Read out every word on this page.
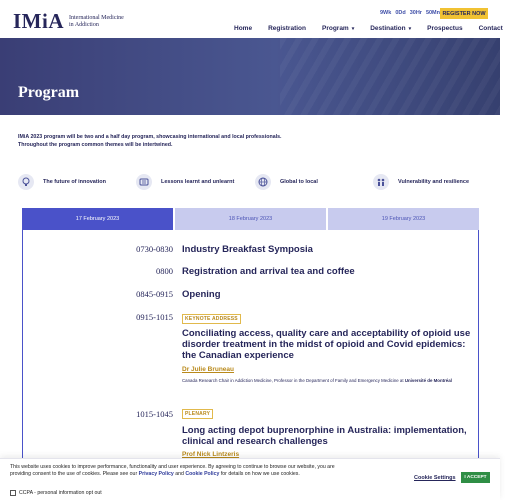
IMiA International Medicine
in Addiction
9Wk 0Dd 30Hr 50Mn REGISTER NOW
Home Registration Program ▾ Destination ▾ Prospectus Contact
Program

IMiA 2023 program will be two and a half day program, showcasing international and local professionals. Throughout the program common themes will be intertwined.

The future of innovation	Lessons learnt and unlearnt	Global to local	Vulnerability and resilience
17 February 2023	18 February 2023	19 February 2023
0730-0830 Industry Breakfast Symposia
0800 Registration and arrival tea and coffee
0845-0915 Opening
0915-1015	KEYNOTE ADDRESS
Conciliating access, quality care and acceptability of opioid use disorder treatment in the midst of opioid and Covid epidemics: the Canadian experience
Dr Julie Bruneau
Canada Research Chair in Addiction Medicine, Professor in the Department of Family and Emergency Medicine at Université de Montréal
1015-1045	PLENARY
Long acting depot buprenorphine in Australia: implementation, clinical and research challenges
Prof Nick Lintzeris

This website uses cookies to improve performance, functionality and user experience. By agreeing to continue to browse our website, you are providing consent to the use of cookies. Please see our Privacy Policy and Cookie Policy for details on how we use cookies.

CCPA - personal information opt out
Cookie Settings	I ACCEPT
